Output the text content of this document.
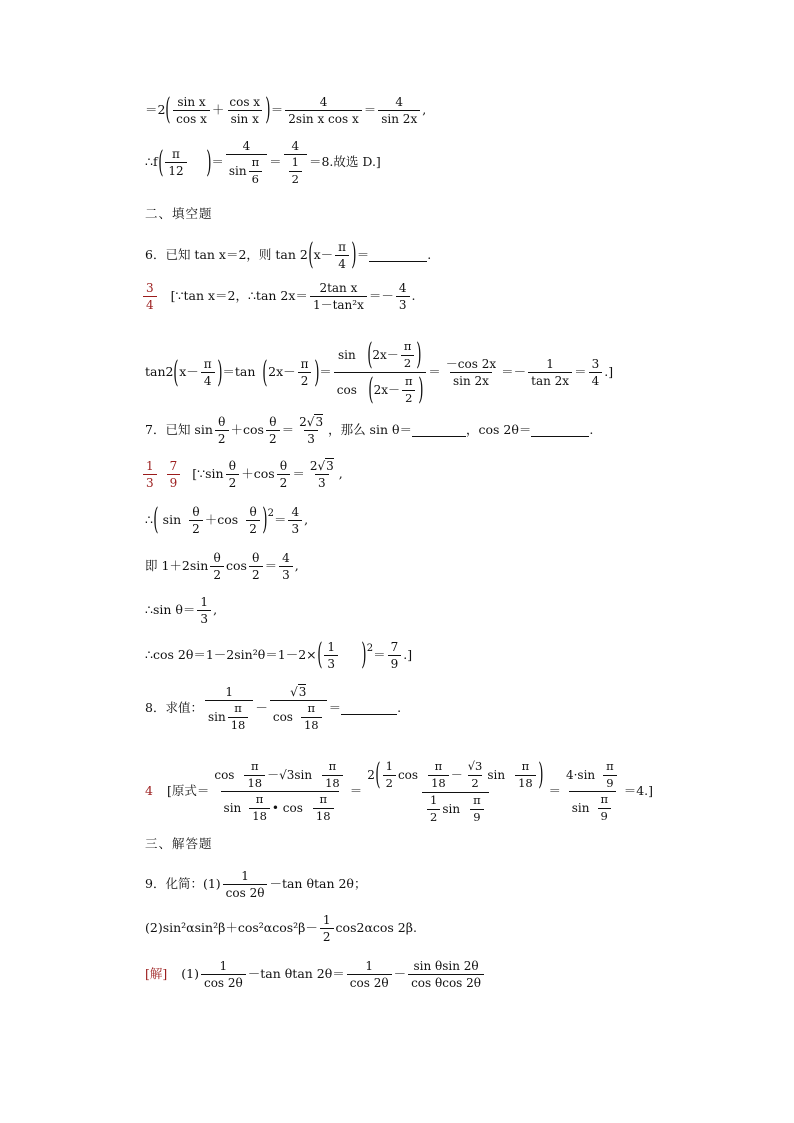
＝2 ( $\frac{\text{sin x}}{\text{cos x}} + \frac{\text{cos x}}{\text{sin x}}$ ) ＝ $\frac{4}{\text{2sin x cos x}} = \frac{4}{\sin 2x}$ ,
∴f ( $\frac{\pi}{12}$ ) ＝ $\frac{4}{\sin \frac{\pi}{6}} = \frac{4}{\frac{1}{2}} =8$.故选 D.]
二、填空题
6．已知 tan x＝2，则 tan 2 ( $x- \frac{\pi}{4}$ ) ＝	.
$\frac{3}{4}$ [∵tan x＝2，∴tan $2x= \frac{\text{2tan x}}{\text{1－tan²x}} =- \frac{4}{3}$ .
tan2 ( $x- \frac{\pi}{4}$ ) ＝tan ( $2x- \frac{\pi}{2}$ ) ＝ $\frac{\sin ( 2x- \frac{\pi}{2} )}{\cos ( 2x- \frac{\pi}{2} )} = \frac{-\cos 2x}{\sin 2x} =- \frac{1}{\tan 2x} = \frac{3}{4}$ .]
7．已知 $\sin \frac{\theta}{2} +\cos \frac{\theta}{2} = \frac{2√3}{3}$ ，那么 sin θ＝	，cos 2θ＝	.
$\frac{1}{3} \frac{7}{9}$ [∵sin $\frac{\theta}{2} +\cos \frac{\theta}{2} = \frac{2√3}{3}$ ,
∴ ( $\sin \frac{\theta}{2} +\cos \frac{\theta}{2}$ ) $2 = \frac{4}{3}$ ,
即 $1+2\sin \frac{\theta}{2}$ $\cos \frac{\theta}{2} = \frac{4}{3}$ ,
∴sin $\theta= \frac{1}{3}$ ,
∴cos 2θ＝1－2sin²θ＝1－2× ( $\frac{1}{3}$ ) $2 = \frac{7}{9}$ .]
8．求值： $\frac{1}{\sin \frac{\pi}{18}} - \frac{√3}{\cos \frac{\pi}{18}}$ ＝	.
4 [原式＝ $\frac{\cos \frac{\pi}{18} -√3\sin \frac{\pi}{18}}{\sin \frac{\pi}{18} • \cos \frac{\pi}{18}}$ ＝
2 ( $\frac{1}{2}$ $\cos \frac{\pi}{18} - \frac{√3}{2}$ $\sin \frac{\pi}{18}$ )
$\frac{1}{2}$ $\sin \frac{\pi}{9}$
＝ $\frac{4\cdot\sin \frac{\pi}{9}}{\sin \frac{\pi}{9}} =4$.]
三、解答题
9．化简：$(1) \frac{1}{\cos 2\theta} -\tan$ θtan 2θ；
$(2)\sin^2\alpha\sin^2\beta+\cos^2\alpha\cos^2\beta- \frac{1}{2} \cos 2\alpha\cos$ 2β.
[解] $(1) \frac{1}{\cos 2\theta} -\tan$ θtan $2\theta= \frac{1}{\cos 2\theta} - \frac{\text{sin θsin 2θ}}{\text{cos θcos 2θ}}$
